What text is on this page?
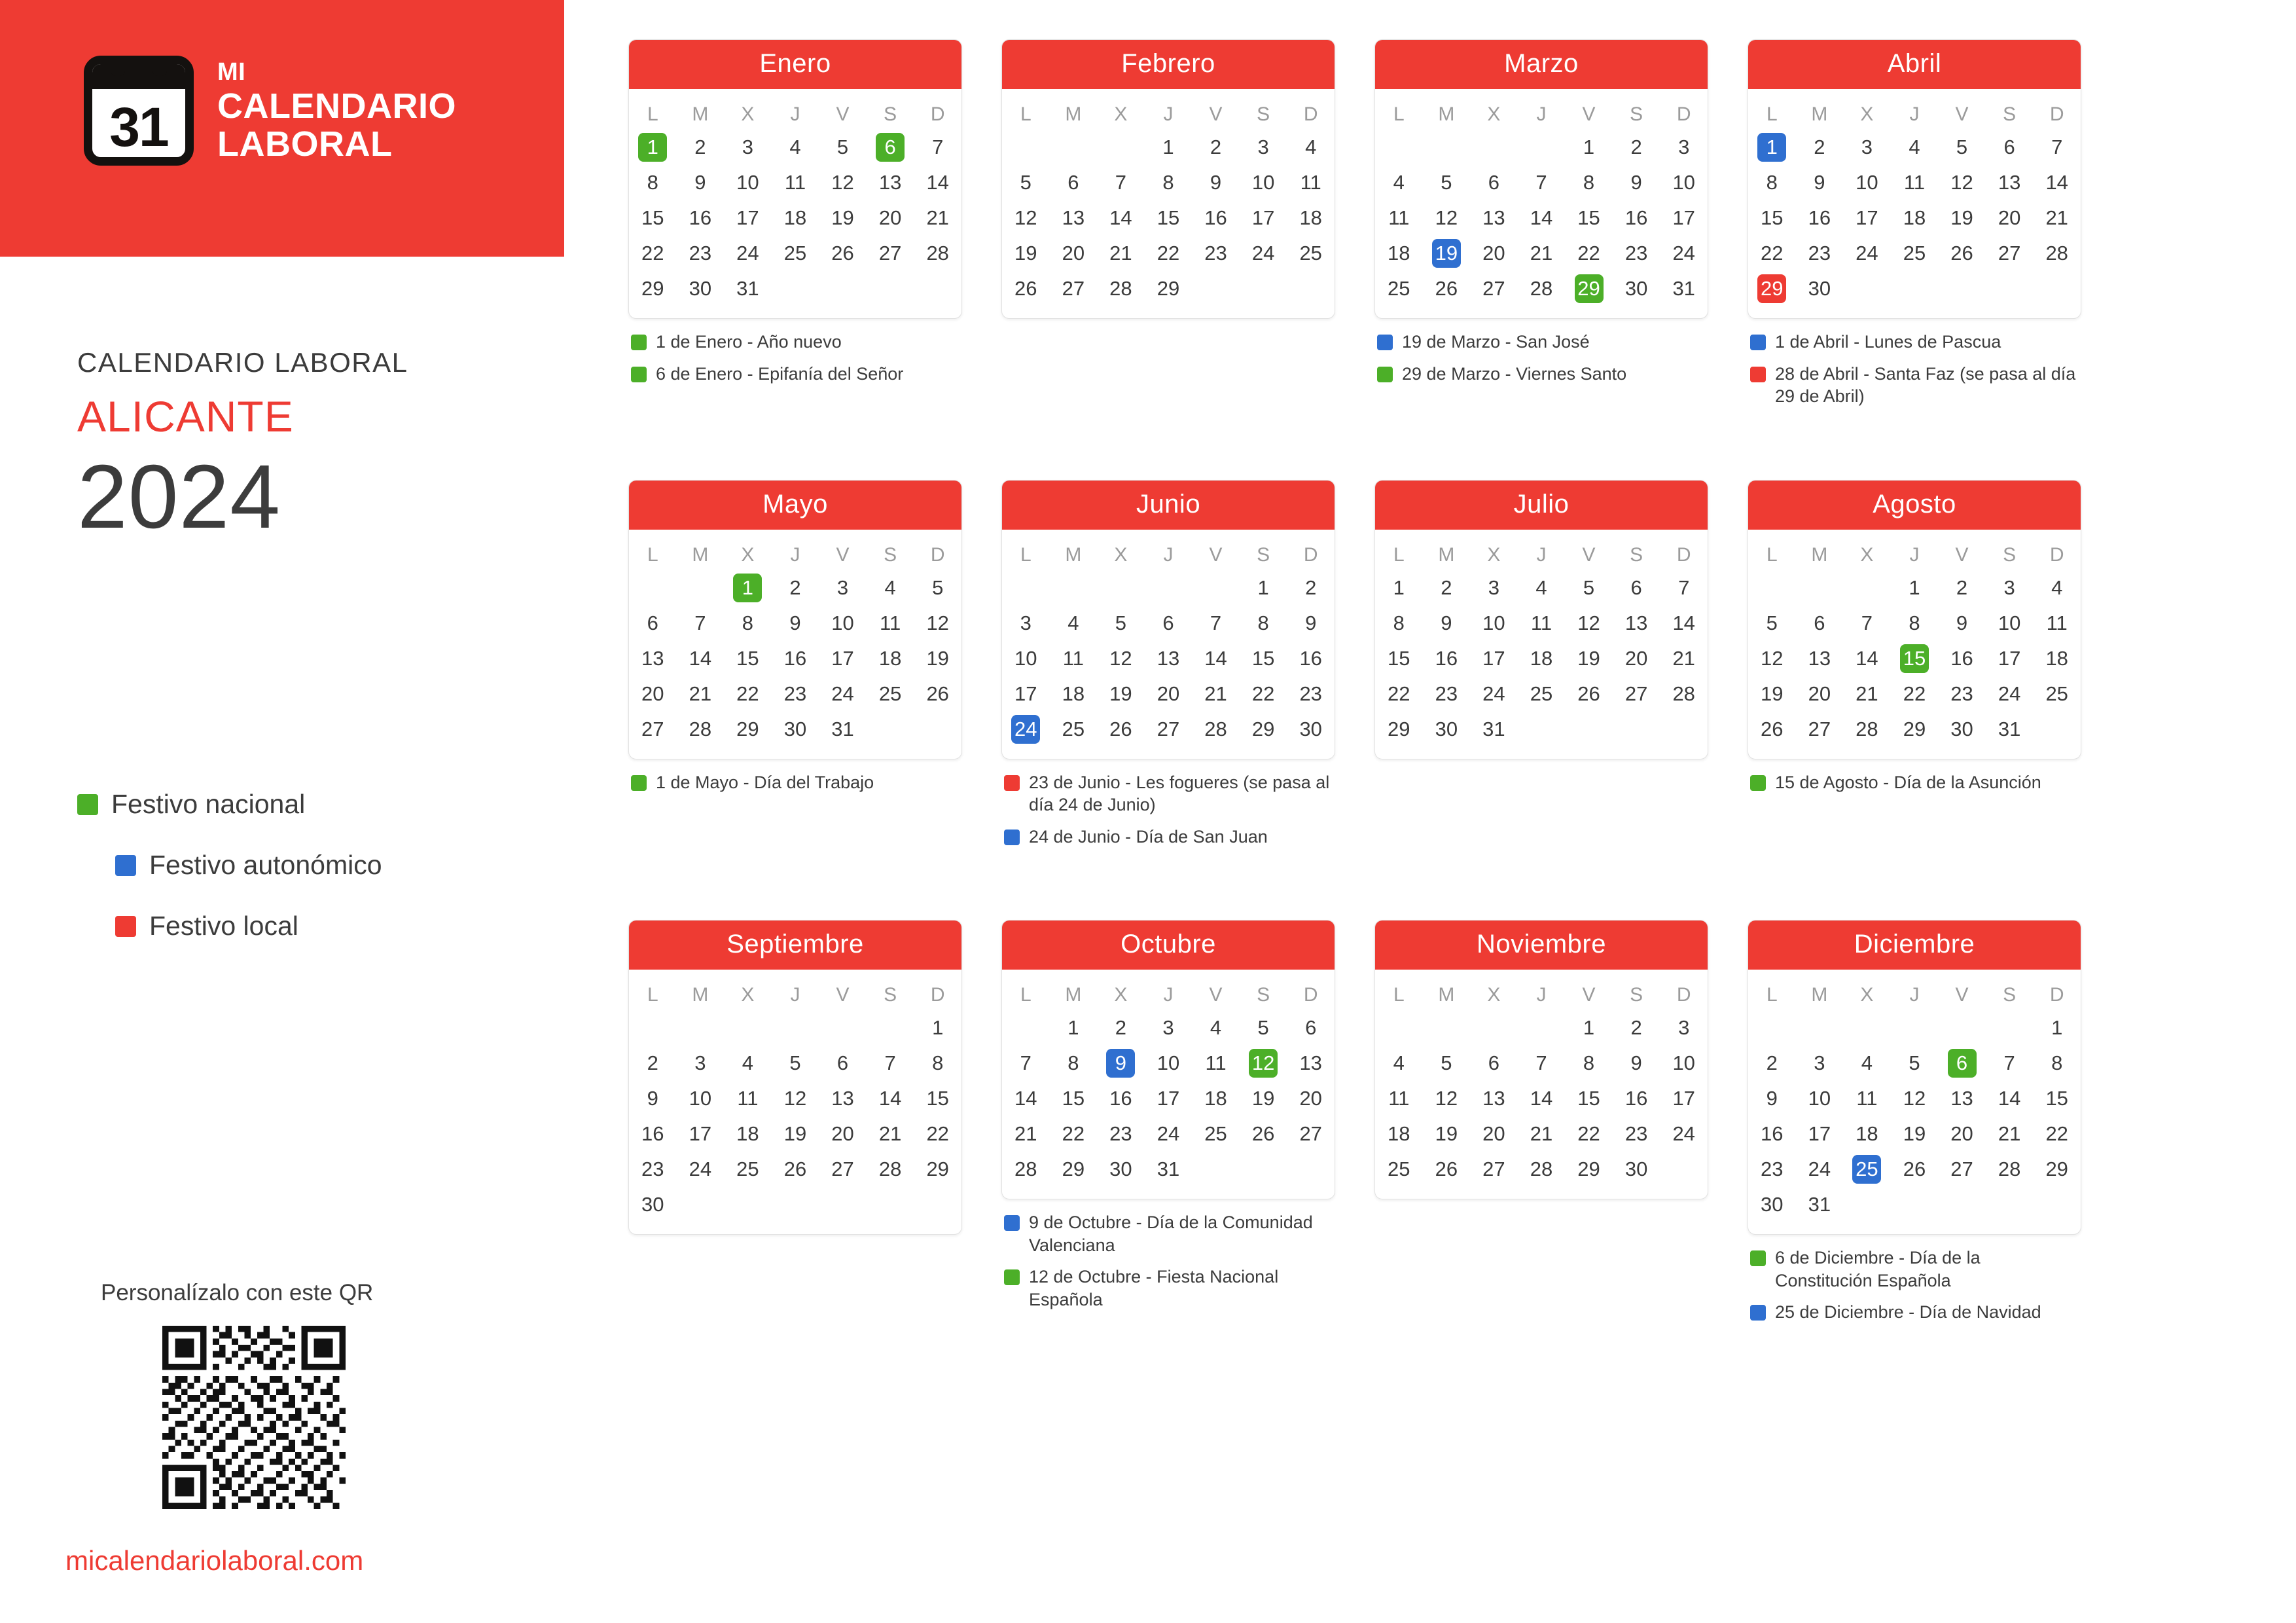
31
MI
CALENDARIO
LABORAL
CALENDARIO LABORAL
ALICANTE
2024
Festivo nacional
Festivo autonómico
Festivo local
Personalízalo con este QR
micalendariolaboral.com
Enero
L	M	X	J	V	S	D
1	2	3	4	5	6	7
8	9	10	11	12	13	14
15	16	17	18	19	20	21
22	23	24	25	26	27	28
29	30	31				
1 de Enero - Año nuevo
6 de Enero - Epifanía del Señor
Febrero
L	M	X	J	V	S	D
			1	2	3	4
5	6	7	8	9	10	11
12	13	14	15	16	17	18
19	20	21	22	23	24	25
26	27	28	29			
Marzo
L	M	X	J	V	S	D
				1	2	3
4	5	6	7	8	9	10
11	12	13	14	15	16	17
18	19	20	21	22	23	24
25	26	27	28	29	30	31
19 de Marzo - San José
29 de Marzo - Viernes Santo
Abril
L	M	X	J	V	S	D
1	2	3	4	5	6	7
8	9	10	11	12	13	14
15	16	17	18	19	20	21
22	23	24	25	26	27	28
29	30					
1 de Abril - Lunes de Pascua
28 de Abril - Santa Faz (se pasa al día 29 de Abril)
Mayo
L	M	X	J	V	S	D
		1	2	3	4	5
6	7	8	9	10	11	12
13	14	15	16	17	18	19
20	21	22	23	24	25	26
27	28	29	30	31		
1 de Mayo - Día del Trabajo
Junio
L	M	X	J	V	S	D
					1	2
3	4	5	6	7	8	9
10	11	12	13	14	15	16
17	18	19	20	21	22	23
24	25	26	27	28	29	30
23 de Junio - Les fogueres (se pasa al día 24 de Junio)
24 de Junio - Día de San Juan
Julio
L	M	X	J	V	S	D
1	2	3	4	5	6	7
8	9	10	11	12	13	14
15	16	17	18	19	20	21
22	23	24	25	26	27	28
29	30	31				
Agosto
L	M	X	J	V	S	D
			1	2	3	4
5	6	7	8	9	10	11
12	13	14	15	16	17	18
19	20	21	22	23	24	25
26	27	28	29	30	31	
15 de Agosto - Día de la Asunción
Septiembre
L	M	X	J	V	S	D
						1
2	3	4	5	6	7	8
9	10	11	12	13	14	15
16	17	18	19	20	21	22
23	24	25	26	27	28	29
30						
Octubre
L	M	X	J	V	S	D
	1	2	3	4	5	6
7	8	9	10	11	12	13
14	15	16	17	18	19	20
21	22	23	24	25	26	27
28	29	30	31			
9 de Octubre - Día de la Comunidad Valenciana
12 de Octubre - Fiesta Nacional Española
Noviembre
L	M	X	J	V	S	D
				1	2	3
4	5	6	7	8	9	10
11	12	13	14	15	16	17
18	19	20	21	22	23	24
25	26	27	28	29	30	
Diciembre
L	M	X	J	V	S	D
						1
2	3	4	5	6	7	8
9	10	11	12	13	14	15
16	17	18	19	20	21	22
23	24	25	26	27	28	29
30	31					
6 de Diciembre - Día de la Constitución Española
25 de Diciembre - Día de Navidad
